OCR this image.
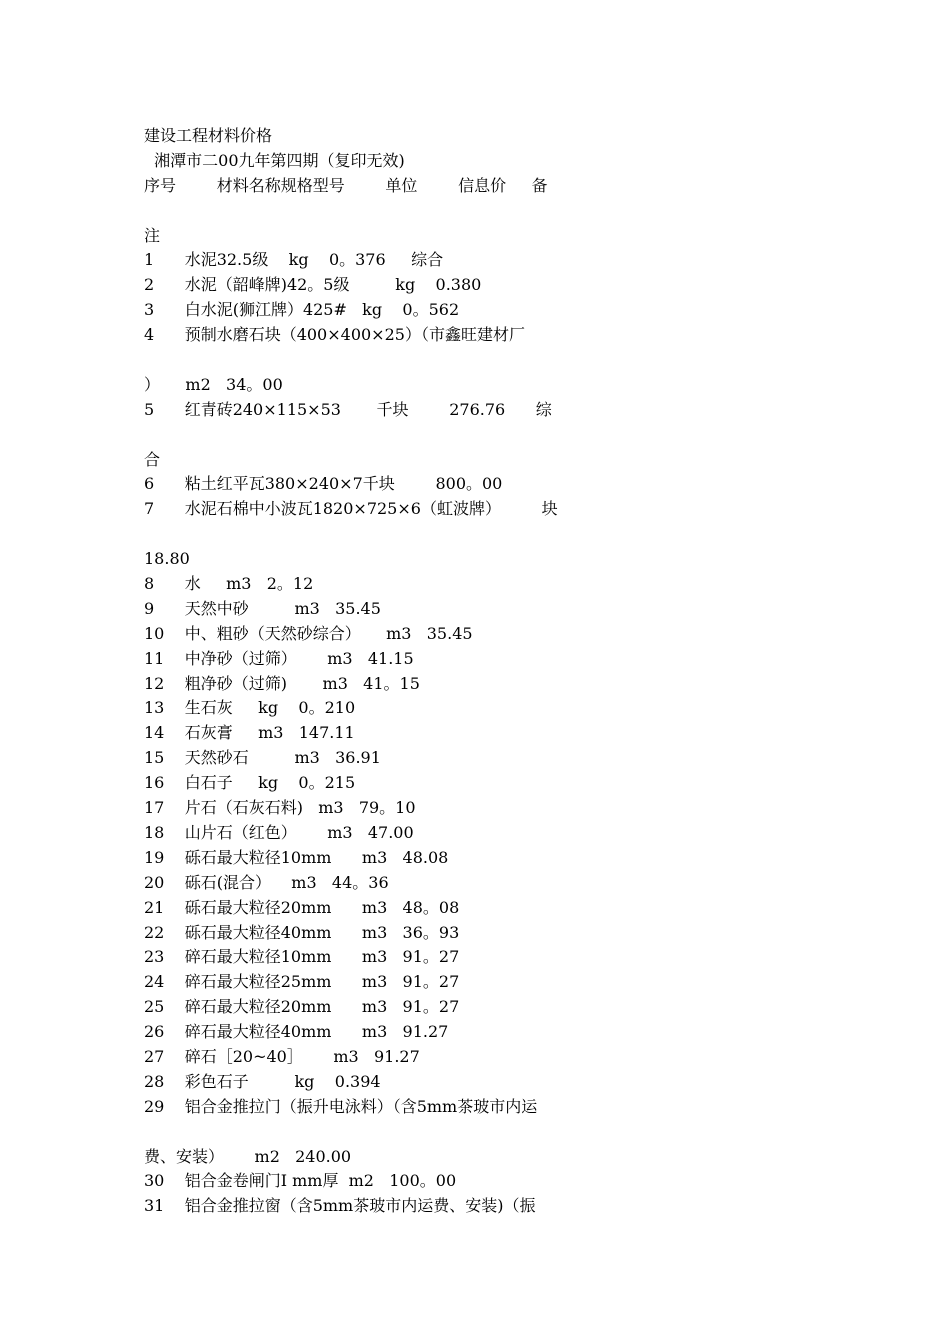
建设工程材料价格
湘潭市二00九年第四期（复印无效)
序号        材料名称规格型号        单位        信息价     备
注
1      水泥32.5级    kg    0。376     综合
2      水泥（韶峰牌)42。5级         kg    0.380
3      白水泥(狮江牌）425#   kg    0。562
4      预制水磨石块（400×400×25）（市鑫旺建材厂
）     m2   34。00
5      红青砖240×115×53       千块        276.76      综
合
6      粘土红平瓦380×240×7千块        800。00
7      水泥石棉中小波瓦1820×725×6（虹波牌）        块
18.80
8      水     m3   2。12
9      天然中砂         m3   35.45
10    中、粗砂（天然砂综合）     m3   35.45
11    中净砂（过筛）      m3   41.15
12    粗净砂（过筛)       m3   41。15
13    生石灰     kg    0。210
14    石灰膏     m3   147.11
15    天然砂石         m3   36.91
16    白石子     kg    0。215
17    片石（石灰石料)   m3   79。10
18    山片石（红色）      m3   47.00
19    砾石最大粒径10mm      m3   48.08
20    砾石(混合）    m3   44。36
21    砾石最大粒径20mm      m3   48。08
22    砾石最大粒径40mm      m3   36。93
23    碎石最大粒径10mm      m3   91。27
24    碎石最大粒径25mm      m3   91。27
25    碎石最大粒径20mm      m3   91。27
26    碎石最大粒径40mm      m3   91.27
27    碎石［20~40］      m3   91.27
28    彩色石子         kg    0.394
29    铝合金推拉门（振升电泳料）（含5mm茶玻市内运
费、安装）      m2   240.00
30    铝合金卷闸门I mm厚  m2   100。00
31    铝合金推拉窗（含5mm茶玻市内运费、安装)（振
